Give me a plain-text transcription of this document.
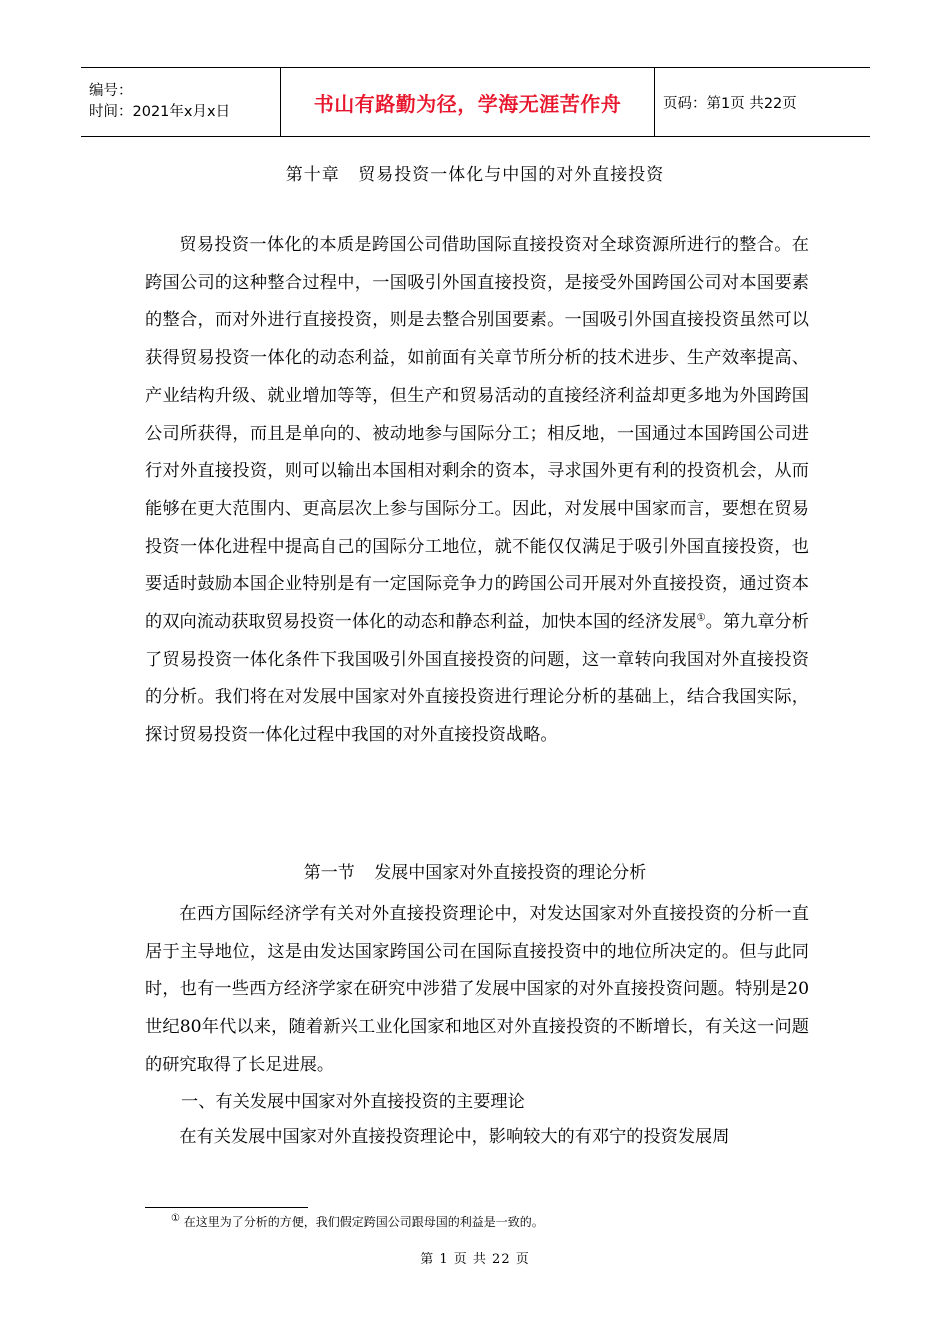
编号：
时间：2021年x月x日	书山有路勤为径，学海无涯苦作舟	页码：第1页 共22页
第十章 贸易投资一体化与中国的对外直接投资

贸易投资一体化的本质是跨国公司借助国际直接投资对全球资源所进行的整合。在跨国公司的这种整合过程中，一国吸引外国直接投资，是接受外国跨国公司对本国要素的整合，而对外进行直接投资，则是去整合别国要素。一国吸引外国直接投资虽然可以获得贸易投资一体化的动态利益，如前面有关章节所分析的技术进步、生产效率提高、产业结构升级、就业增加等等，但生产和贸易活动的直接经济利益却更多地为外国跨国公司所获得，而且是单向的、被动地参与国际分工；相反地，一国通过本国跨国公司进行对外直接投资，则可以输出本国相对剩余的资本，寻求国外更有利的投资机会，从而能够在更大范围内、更高层次上参与国际分工。因此，对发展中国家而言，要想在贸易投资一体化进程中提高自己的国际分工地位，就不能仅仅满足于吸引外国直接投资，也要适时鼓励本国企业特别是有一定国际竞争力的跨国公司开展对外直接投资，通过资本的双向流动获取贸易投资一体化的动态和静态利益，加快本国的经济发展①。第九章分析了贸易投资一体化条件下我国吸引外国直接投资的问题，这一章转向我国对外直接投资的分析。我们将在对发展中国家对外直接投资进行理论分析的基础上，结合我国实际，探讨贸易投资一体化过程中我国的对外直接投资战略。

第一节 发展中国家对外直接投资的理论分析

在西方国际经济学有关对外直接投资理论中，对发达国家对外直接投资的分析一直居于主导地位，这是由发达国家跨国公司在国际直接投资中的地位所决定的。但与此同时，也有一些西方经济学家在研究中涉猎了发展中国家的对外直接投资问题。特别是20世纪80年代以来，随着新兴工业化国家和地区对外直接投资的不断增长，有关这一问题的研究取得了长足进展。

一、有关发展中国家对外直接投资的主要理论

在有关发展中国家对外直接投资理论中，影响较大的有邓宁的投资发展周

① 在这里为了分析的方便，我们假定跨国公司跟母国的利益是一致的。
第 1 页 共 22 页
